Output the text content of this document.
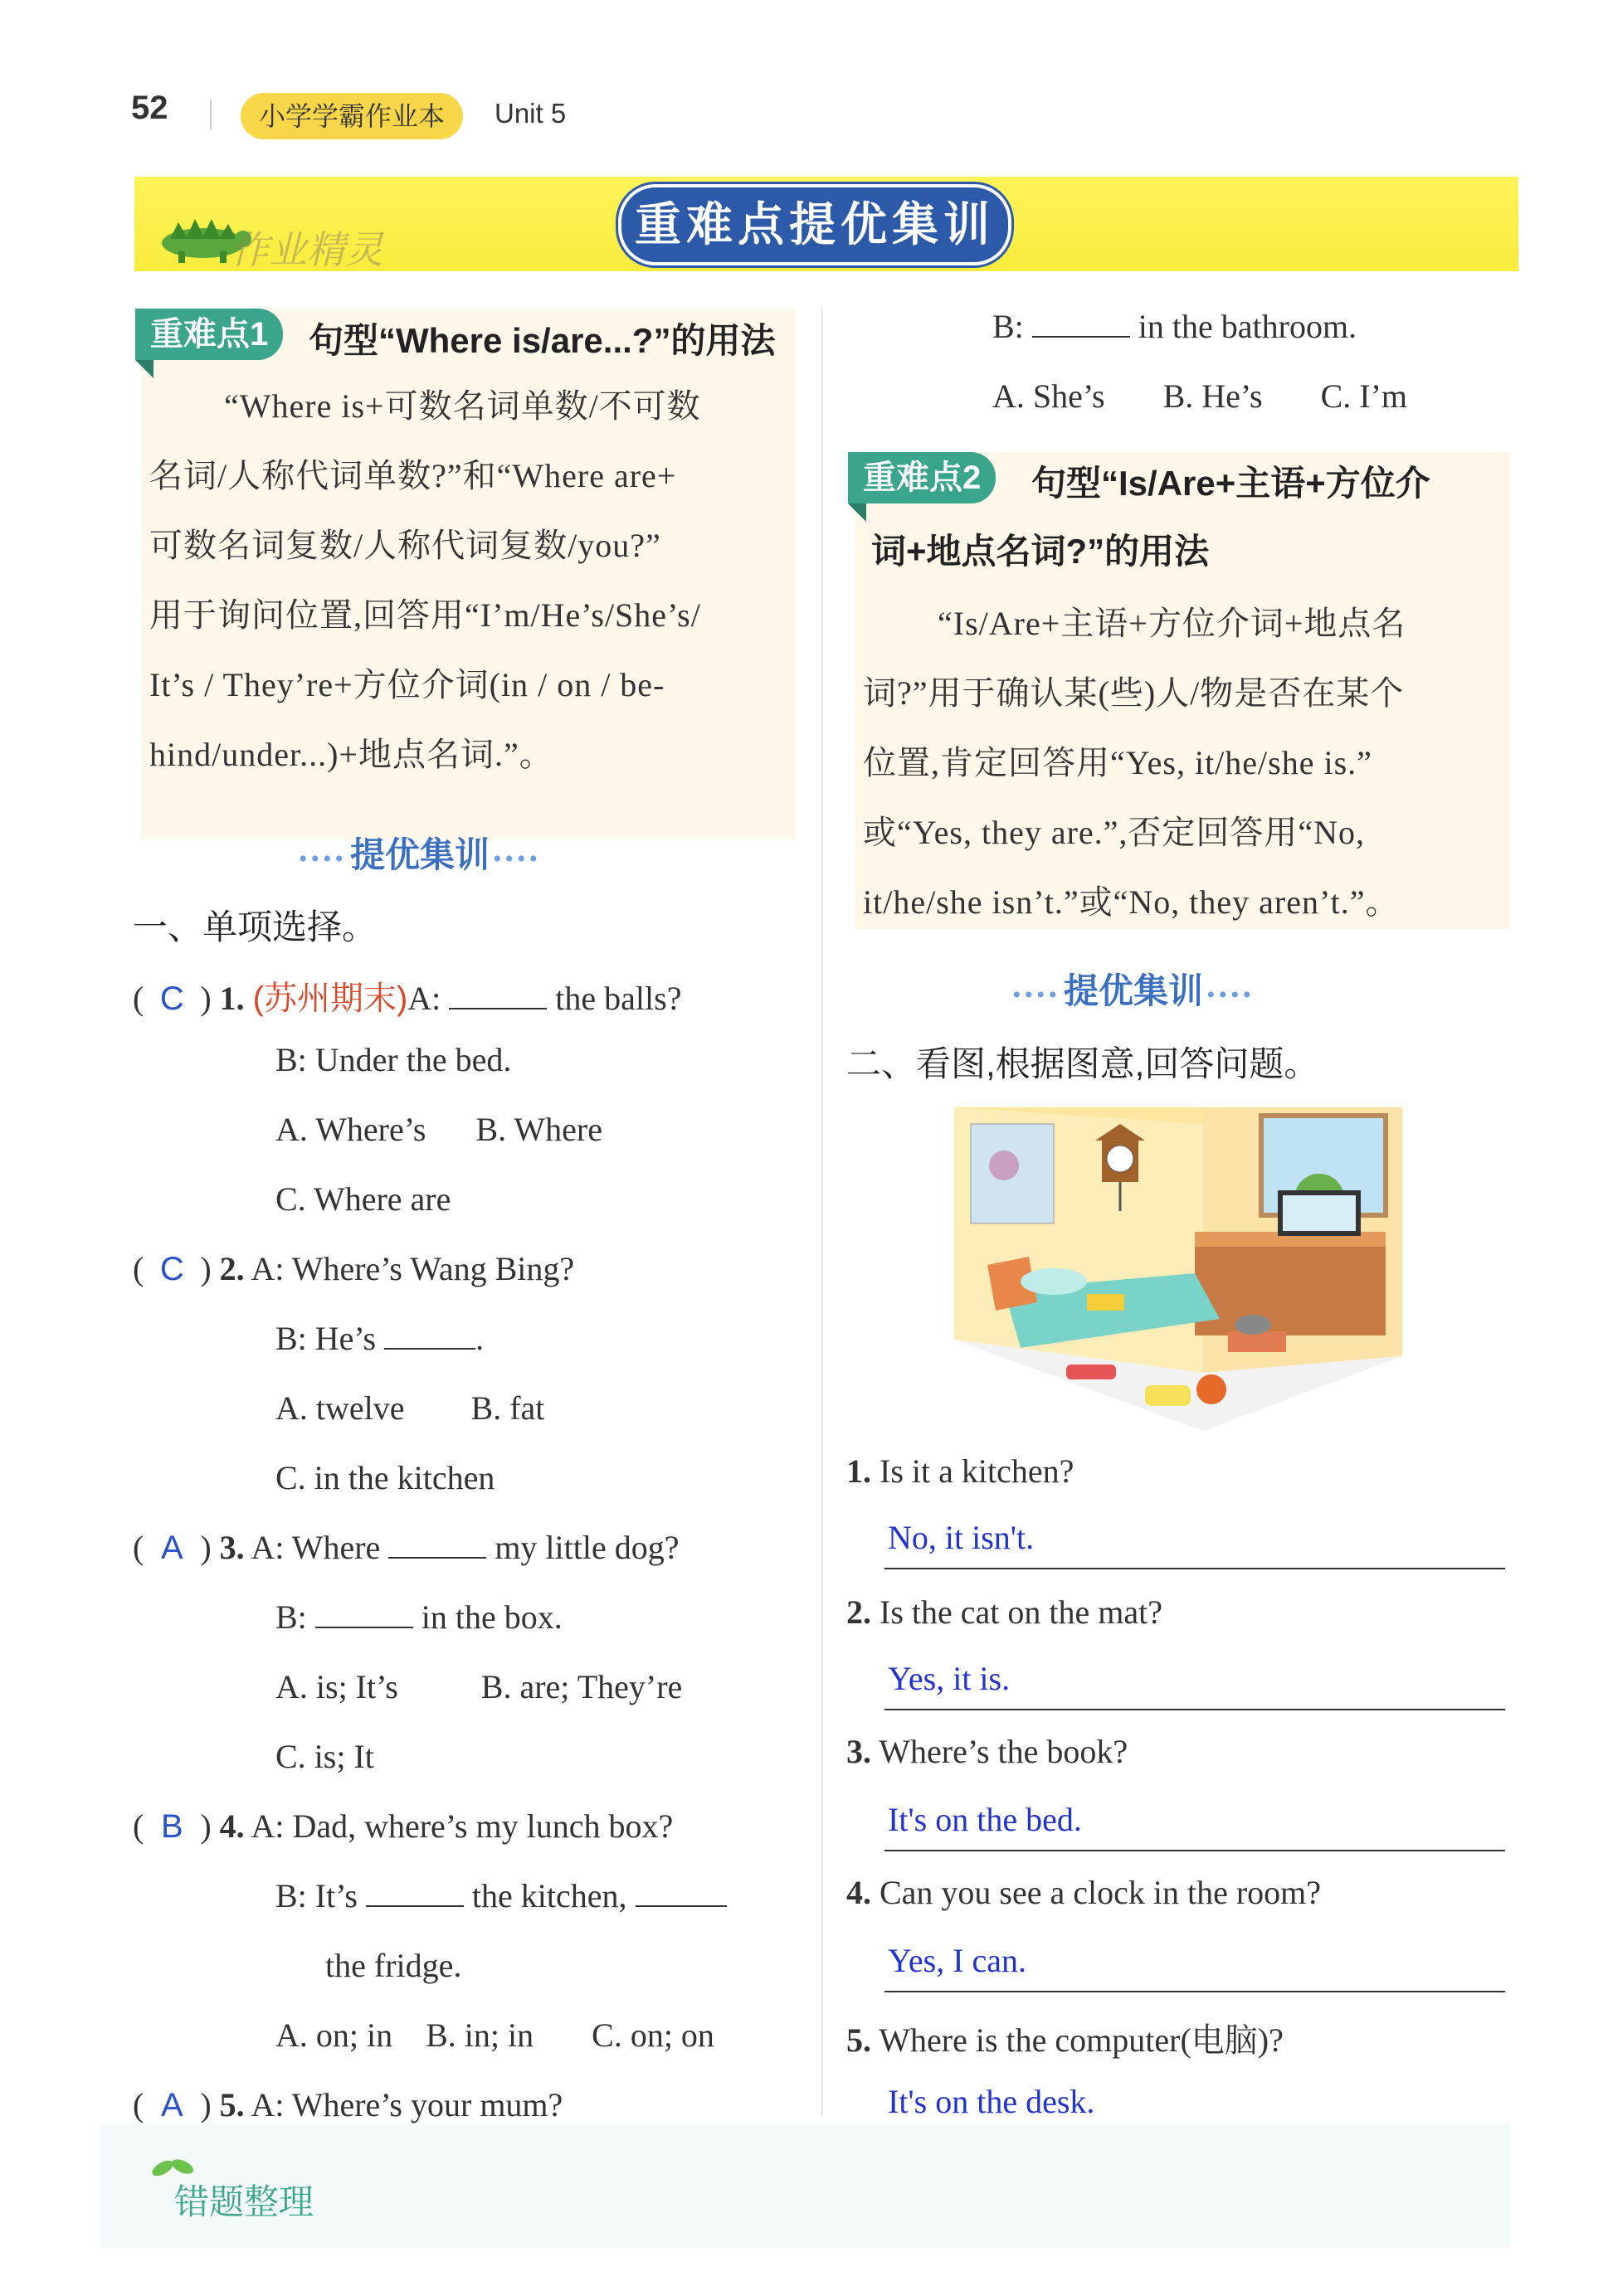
52	小学学霸作业本	Unit 5
作业精灵	重难点提优集训
重难点1	句型“Where is/are...?”的用法
“Where is+可数名词单数/不可数
名词/人称代词单数?”和“Where are+
可数名词复数/人称代词复数/you?”
用于询问位置,回答用“I’m/He’s/She’s/
It’s / They’re+方位介词(in / on / be-
hind/under...)+地点名词.”。
•••• 提优集训 ••••
一、单项选择。
( C ) 1. (苏州期末)A:	the balls?
B: Under the bed.
A. Where’s      B. Where
C. Where are
( C ) 2. A: Where’s Wang Bing?
B: He’s	.
A. twelve        B. fat
C. in the kitchen
( A ) 3. A: Where	my little dog?
B:	in the box.
A. is; It’s          B. are; They’re
C. is; It
( B ) 4. A: Dad, where’s my lunch box?
B: It’s	the kitchen,
the fridge.
A. on; in    B. in; in       C. on; on
( A ) 5. A: Where’s your mum?
B:	in the bathroom.
A. She’s       B. He’s       C. I’m
重难点2	句型“Is/Are+主语+方位介
词+地点名词?”的用法
“Is/Are+主语+方位介词+地点名
词?”用于确认某(些)人/物是否在某个
位置,肯定回答用“Yes, it/he/she is.”
或“Yes, they are.”,否定回答用“No,
it/he/she isn’t.”或“No, they aren’t.”。
•••• 提优集训 ••••
二、看图,根据图意,回答问题。
1. Is it a kitchen?
No, it isn't.
2. Is the cat on the mat?
Yes, it is.
3. Where’s the book?
It's on the bed.
4. Can you see a clock in the room?
Yes, I can.
5. Where is the computer(电脑)?
It's on the desk.
错题整理
